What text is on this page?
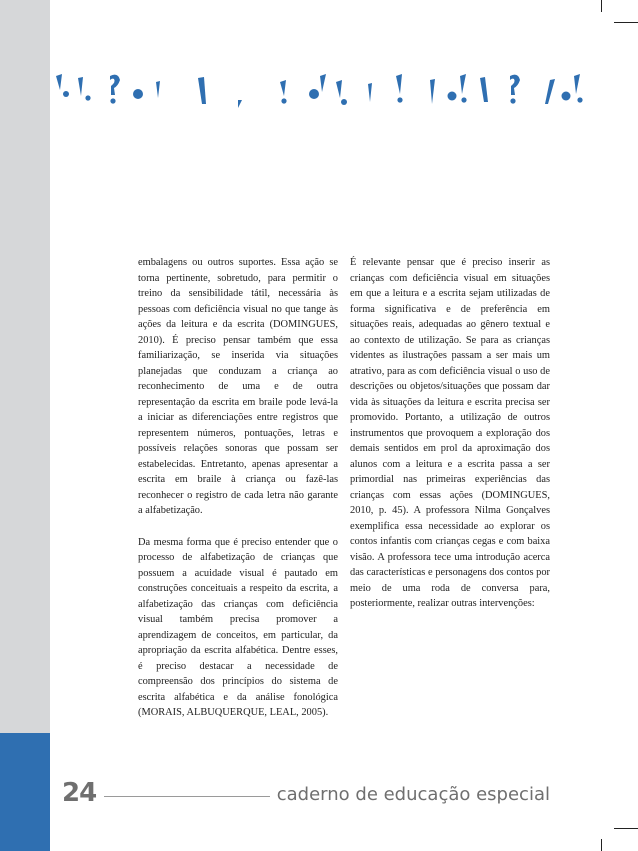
embalagens ou outros suportes. Essa ação se torna pertinente, sobretudo, para permitir o treino da sensibilidade tátil, necessária às pessoas com deficiência visual no que tange às ações da leitura e da escrita (DOMINGUES, 2010). É preciso pensar também que essa familiarização, se inserida via situações planejadas que conduzam a criança ao reconhecimento de uma e de outra representação da escrita em braile pode levá-la a iniciar as diferenciações entre registros que representem números, pontuações, letras e possíveis relações sonoras que possam ser estabelecidas. Entretanto, apenas apresentar a escrita em braile à criança ou fazê-las reconhecer o registro de cada letra não garante a alfabetização.

Da mesma forma que é preciso entender que o processo de alfabetização de crianças que possuem a acuidade visual é pautado em construções conceituais a respeito da escrita, a alfabetização das crianças com deficiência visual também precisa promover a aprendizagem de conceitos, em particular, da apropriação da escrita alfabética. Dentre esses, é preciso destacar a necessidade de compreensão dos princípios do sistema de escrita alfabética e da análise fonológica (MORAIS, ALBUQUERQUE, LEAL, 2005).

É relevante pensar que é preciso inserir as crianças com deficiência visual em situações em que a leitura e a escrita sejam utilizadas de forma significativa e de preferência em situações reais, adequadas ao gênero textual e ao contexto de utilização. Se para as crianças videntes as ilustrações passam a ser mais um atrativo, para as com deficiência visual o uso de descrições ou objetos/situações que possam dar vida às situações da leitura e escrita precisa ser promovido. Portanto, a utilização de outros instrumentos que provoquem a exploração dos demais sentidos em prol da aproximação dos alunos com a leitura e a escrita passa a ser primordial nas primeiras experiências das crianças com essas ações (DOMINGUES, 2010, p. 45). A professora Nilma Gonçalves exemplifica essa necessidade ao explorar os contos infantis com crianças cegas e com baixa visão. A professora tece uma introdução acerca das características e personagens dos contos por meio de uma roda de conversa para, posteriormente, realizar outras intervenções:

24	caderno de educação especial
